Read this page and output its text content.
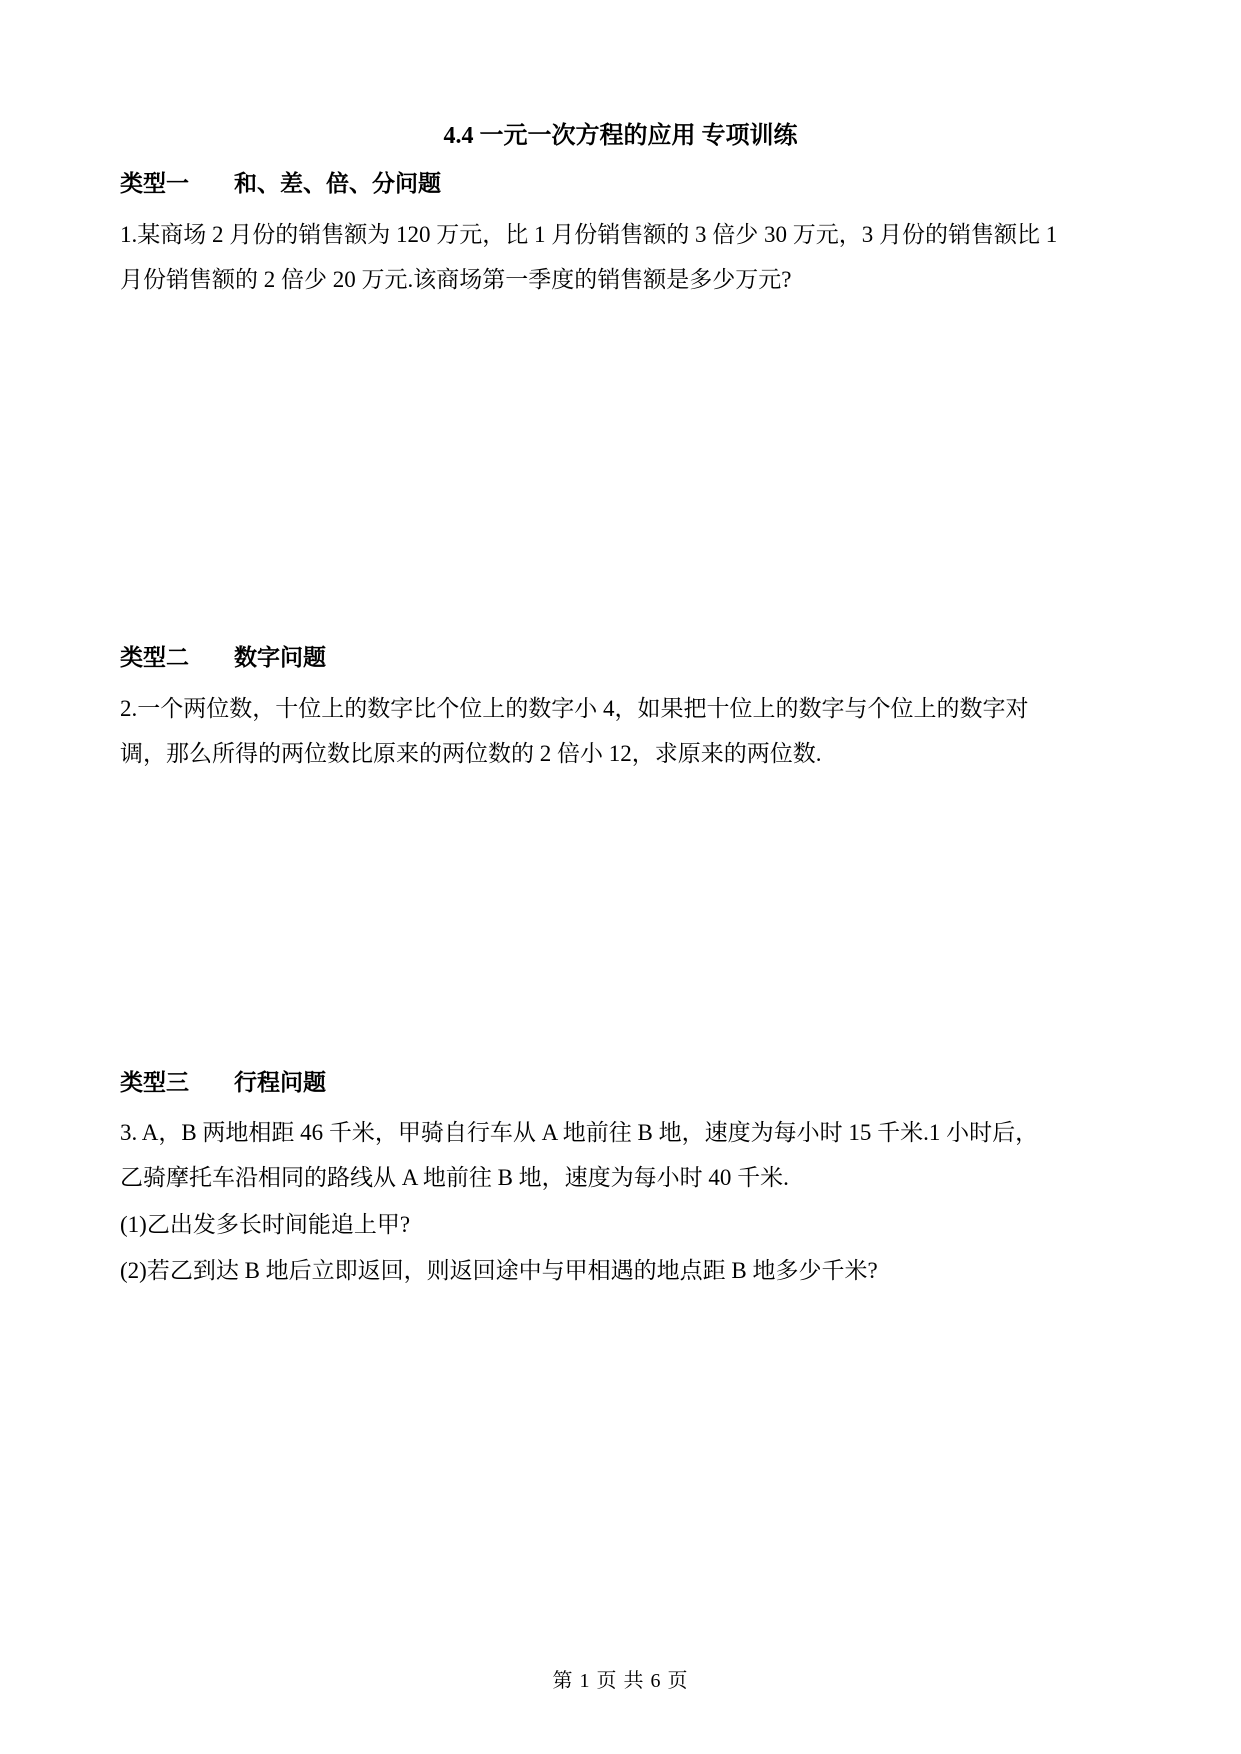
4.4 一元一次方程的应用 专项训练
类型一 和、差、倍、分问题
1.某商场 2 月份的销售额为 120 万元，比 1 月份销售额的 3 倍少 30 万元，3 月份的销售额比 1
月份销售额的 2 倍少 20 万元.该商场第一季度的销售额是多少万元?
类型二 数字问题
2.一个两位数，十位上的数字比个位上的数字小 4，如果把十位上的数字与个位上的数字对
调，那么所得的两位数比原来的两位数的 2 倍小 12，求原来的两位数.
类型三 行程问题
3. A，B 两地相距 46 千米，甲骑自行车从 A 地前往 B 地，速度为每小时 15 千米.1 小时后，
乙骑摩托车沿相同的路线从 A 地前往 B 地，速度为每小时 40 千米.
(1)乙出发多长时间能追上甲?
(2)若乙到达 B 地后立即返回，则返回途中与甲相遇的地点距 B 地多少千米?
第 1 页 共 6 页
